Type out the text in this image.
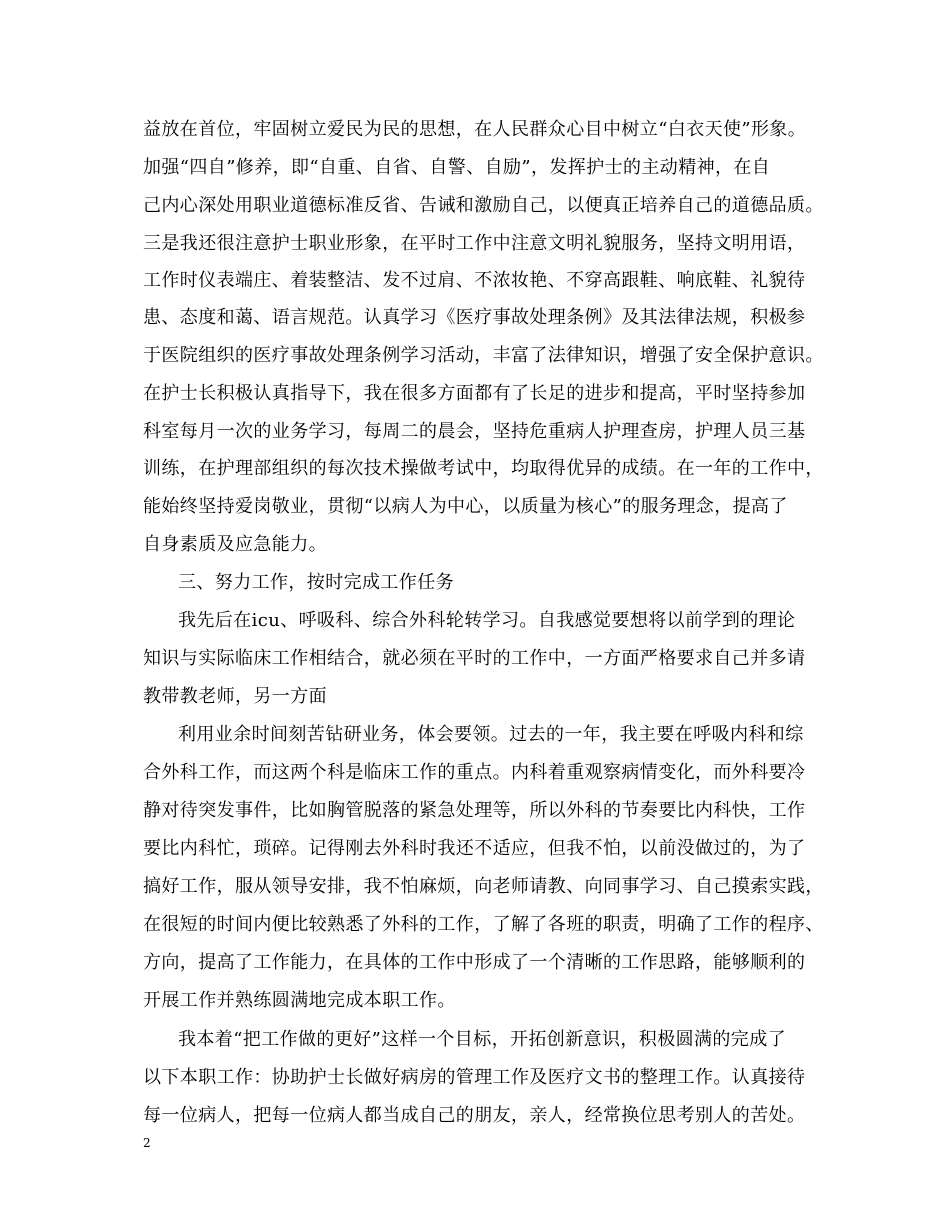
益放在首位，牢固树立爱民为民的思想，在人民群众心目中树立“白衣天使”形象。
加强“四自”修养，即“自重、自省、自警、自励”，发挥护士的主动精神，在自
己内心深处用职业道德标准反省、告诫和激励自己，以便真正培养自己的道德品质。
三是我还很注意护士职业形象，在平时工作中注意文明礼貌服务，坚持文明用语，
工作时仪表端庄、着装整洁、发不过肩、不浓妆艳、不穿高跟鞋、响底鞋、礼貌待
患、态度和蔼、语言规范。认真学习《医疗事故处理条例》及其法律法规，积极参
于医院组织的医疗事故处理条例学习活动，丰富了法律知识，增强了安全保护意识。
在护士长积极认真指导下，我在很多方面都有了长足的进步和提高，平时坚持参加
科室每月一次的业务学习，每周二的晨会，坚持危重病人护理查房，护理人员三基
训练，在护理部组织的每次技术操做考试中，均取得优异的成绩。在一年的工作中，
能始终坚持爱岗敬业，贯彻“以病人为中心，以质量为核心”的服务理念，提高了
自身素质及应急能力。
三、努力工作，按时完成工作任务
我先后在icu、呼吸科、综合外科轮转学习。自我感觉要想将以前学到的理论
知识与实际临床工作相结合，就必须在平时的工作中，一方面严格要求自己并多请
教带教老师，另一方面
利用业余时间刻苦钻研业务，体会要领。过去的一年，我主要在呼吸内科和综
合外科工作，而这两个科是临床工作的重点。内科着重观察病情变化，而外科要冷
静对待突发事件，比如胸管脱落的紧急处理等，所以外科的节奏要比内科快，工作
要比内科忙，琐碎。记得刚去外科时我还不适应，但我不怕，以前没做过的，为了
搞好工作，服从领导安排，我不怕麻烦，向老师请教、向同事学习、自己摸索实践，
在很短的时间内便比较熟悉了外科的工作，了解了各班的职责，明确了工作的程序、
方向，提高了工作能力，在具体的工作中形成了一个清晰的工作思路，能够顺利的
开展工作并熟练圆满地完成本职工作。
我本着“把工作做的更好”这样一个目标，开拓创新意识，积极圆满的完成了
以下本职工作：协助护士长做好病房的管理工作及医疗文书的整理工作。认真接待
每一位病人，把每一位病人都当成自己的朋友，亲人，经常换位思考别人的苦处。
2
